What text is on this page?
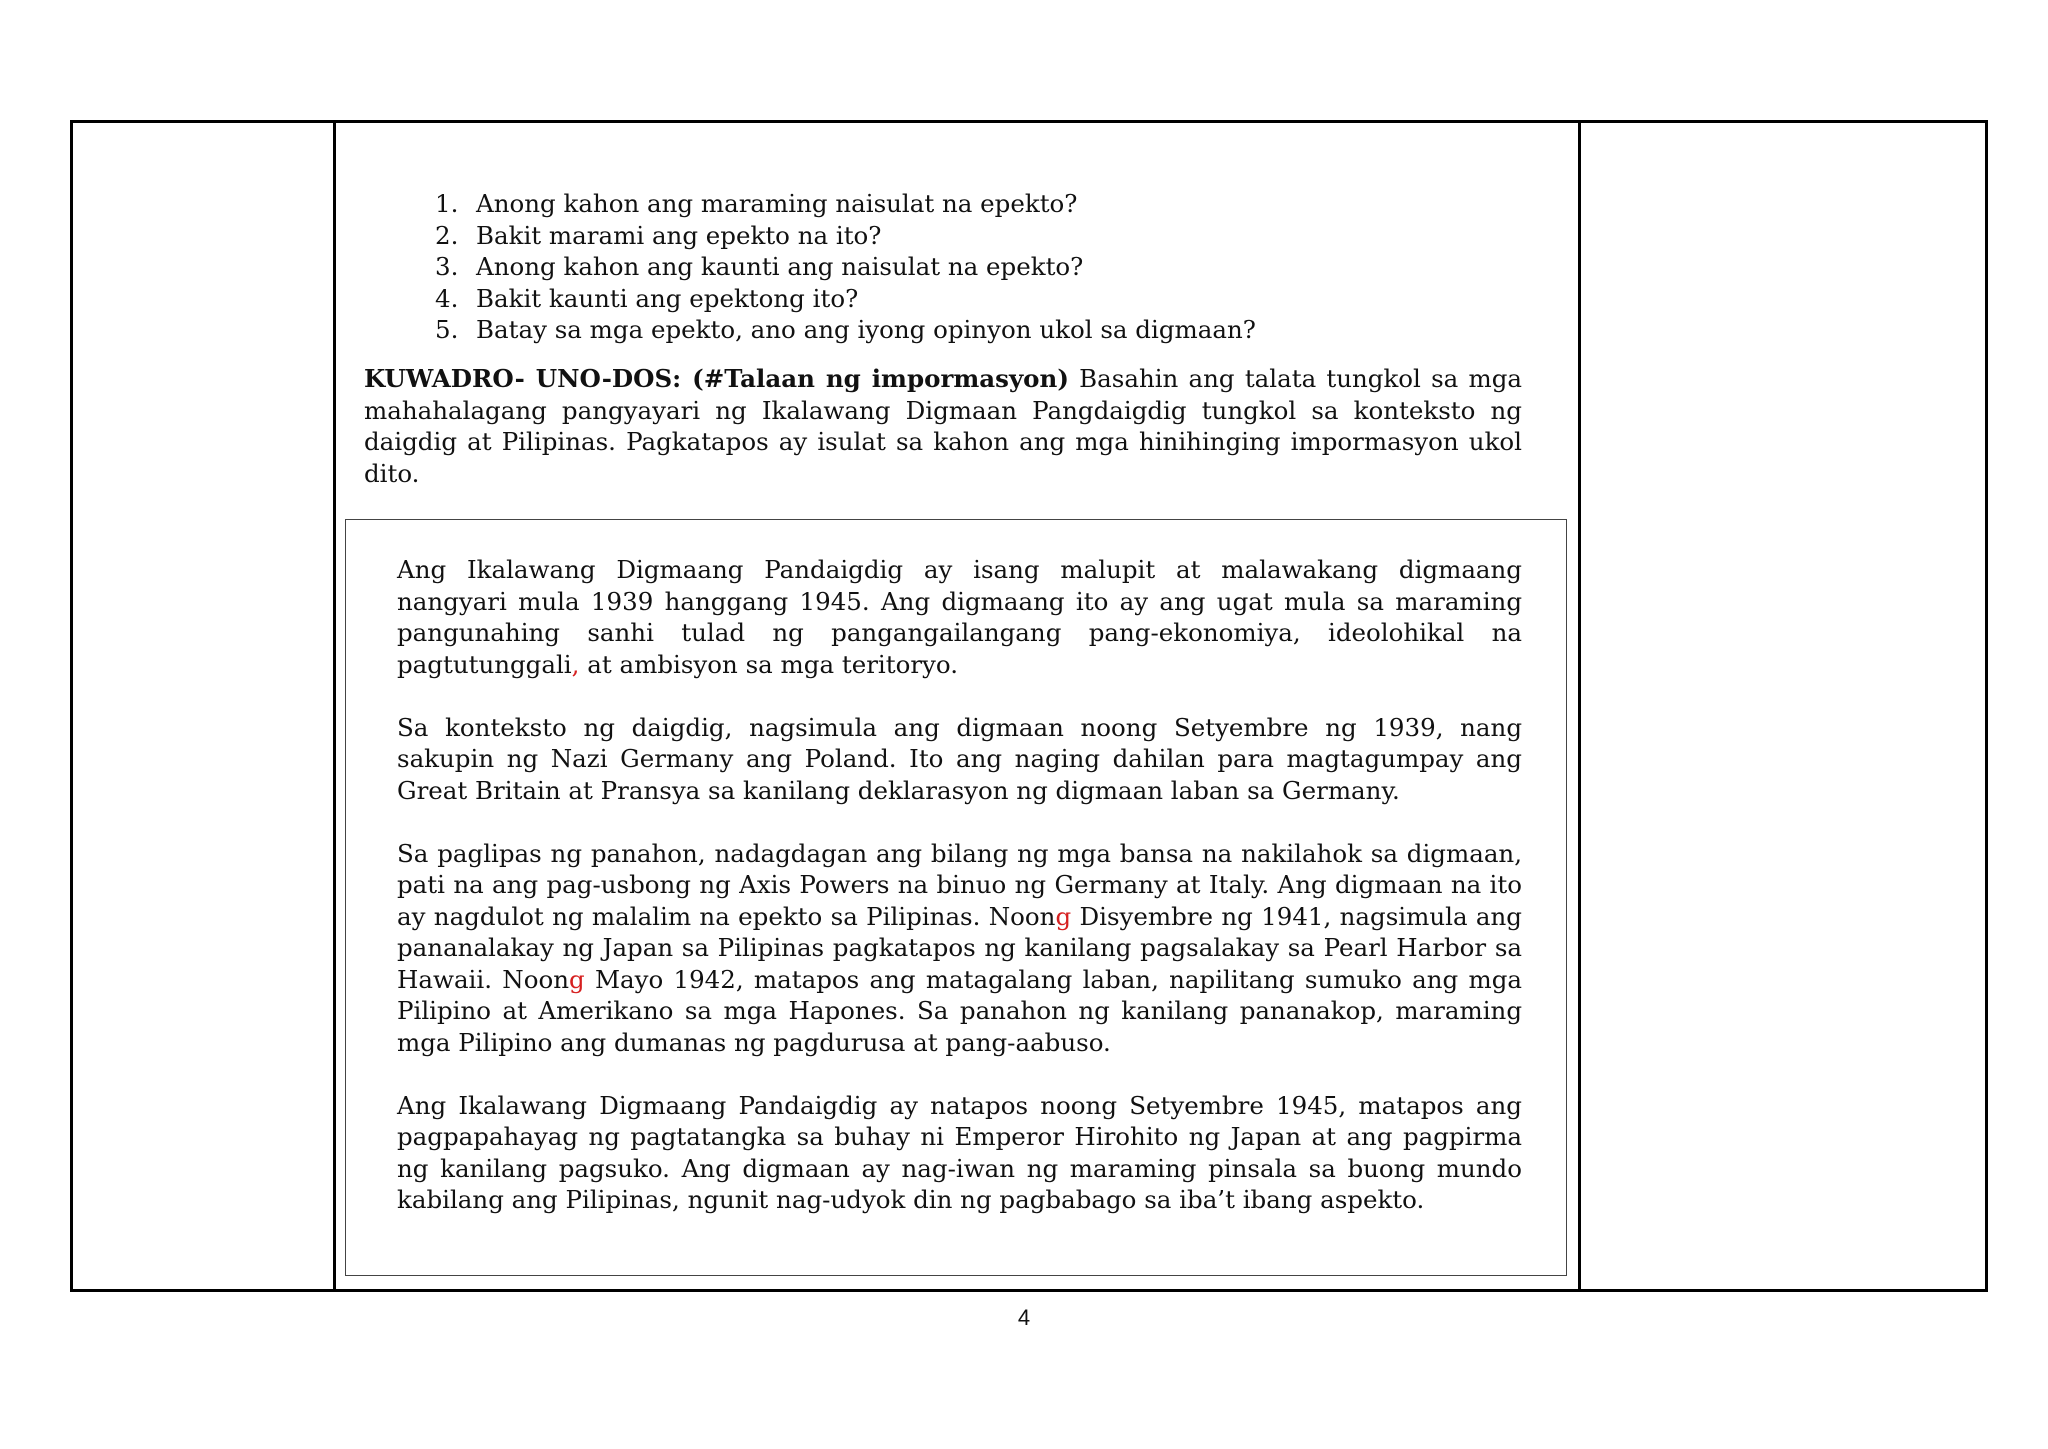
1. Anong kahon ang maraming naisulat na epekto?
2. Bakit marami ang epekto na ito?
3. Anong kahon ang kaunti ang naisulat na epekto?
4. Bakit kaunti ang epektong ito?
5. Batay sa mga epekto, ano ang iyong opinyon ukol sa digmaan?

KUWADRO- UNO-DOS: (#Talaan ng impormasyon) Basahin ang talata tungkol sa mga mahahalagang pangyayari ng Ikalawang Digmaan Pangdaigdig tungkol sa konteksto ng daigdig at Pilipinas. Pagkatapos ay isulat sa kahon ang mga hinihinging impormasyon ukol dito.

Ang Ikalawang Digmaang Pandaigdig ay isang malupit at malawakang digmaang nangyari mula 1939 hanggang 1945. Ang digmaang ito ay ang ugat mula sa maraming pangunahing sanhi tulad ng pangangailangang pang-ekonomiya, ideolohikal na pagtutunggali, at ambisyon sa mga teritoryo.

Sa konteksto ng daigdig, nagsimula ang digmaan noong Setyembre ng 1939, nang sakupin ng Nazi Germany ang Poland. Ito ang naging dahilan para magtagumpay ang Great Britain at Pransya sa kanilang deklarasyon ng digmaan laban sa Germany.

Sa paglipas ng panahon, nadagdagan ang bilang ng mga bansa na nakilahok sa digmaan, pati na ang pag-usbong ng Axis Powers na binuo ng Germany at Italy. Ang digmaan na ito ay nagdulot ng malalim na epekto sa Pilipinas. Noong Disyembre ng 1941, nagsimula ang pananalakay ng Japan sa Pilipinas pagkatapos ng kanilang pagsalakay sa Pearl Harbor sa Hawaii. Noong Mayo 1942, matapos ang matagalang laban, napilitang sumuko ang mga Pilipino at Amerikano sa mga Hapones. Sa panahon ng kanilang pananakop, maraming mga Pilipino ang dumanas ng pagdurusa at pang-aabuso.

Ang Ikalawang Digmaang Pandaigdig ay natapos noong Setyembre 1945, matapos ang pagpapahayag ng pagtatangka sa buhay ni Emperor Hirohito ng Japan at ang pagpirma ng kanilang pagsuko. Ang digmaan ay nag-iwan ng maraming pinsala sa buong mundo kabilang ang Pilipinas, ngunit nag-udyok din ng pagbabago sa iba’t ibang aspekto.

4
